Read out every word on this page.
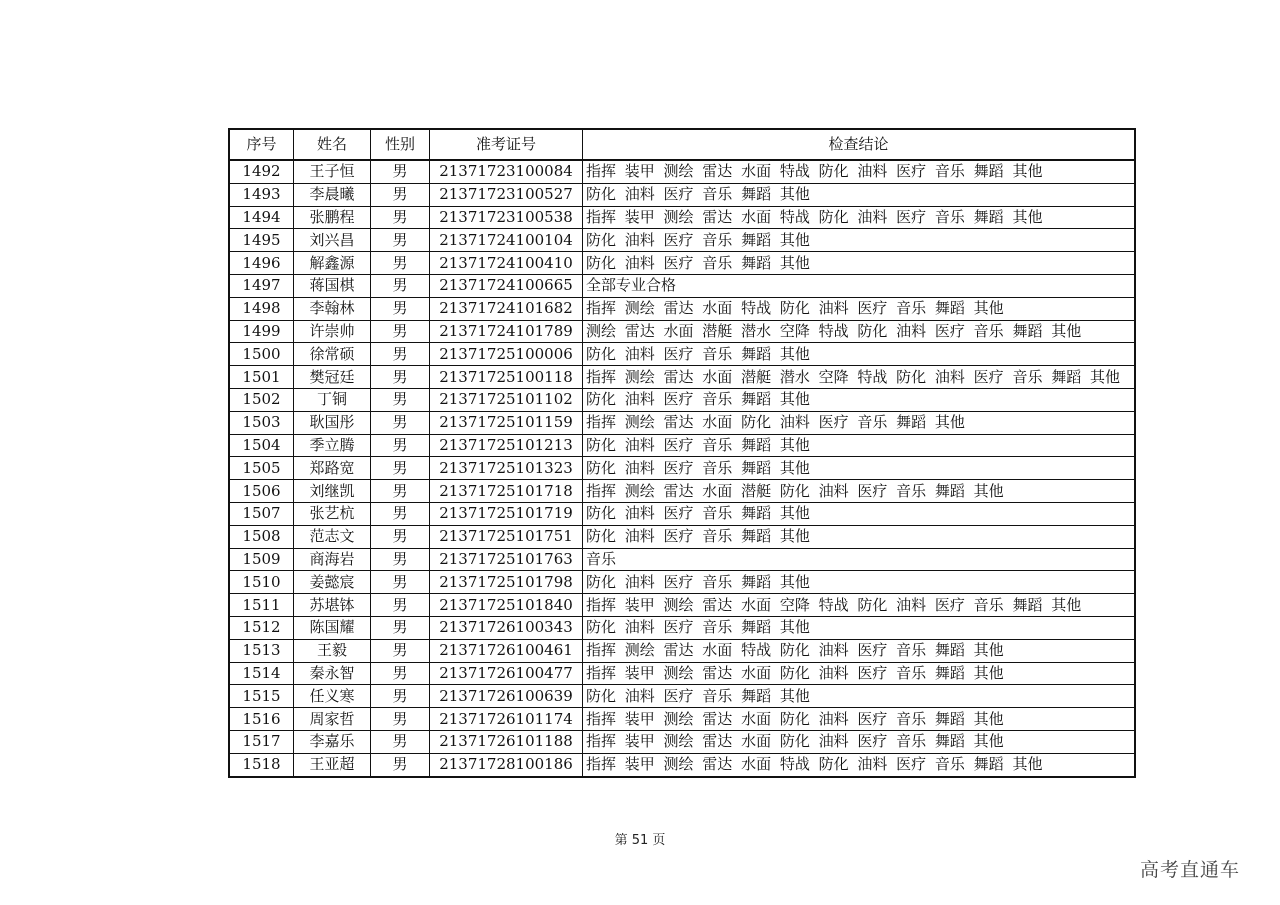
序号	姓名	性别	准考证号	检查结论
1492	王子恒	男	21371723100084	指挥 装甲 测绘 雷达 水面 特战 防化 油料 医疗 音乐 舞蹈 其他
1493	李晨曦	男	21371723100527	防化 油料 医疗 音乐 舞蹈 其他
1494	张鹏程	男	21371723100538	指挥 装甲 测绘 雷达 水面 特战 防化 油料 医疗 音乐 舞蹈 其他
1495	刘兴昌	男	21371724100104	防化 油料 医疗 音乐 舞蹈 其他
1496	解鑫源	男	21371724100410	防化 油料 医疗 音乐 舞蹈 其他
1497	蒋国棋	男	21371724100665	全部专业合格
1498	李翰林	男	21371724101682	指挥 测绘 雷达 水面 特战 防化 油料 医疗 音乐 舞蹈 其他
1499	许崇帅	男	21371724101789	测绘 雷达 水面 潜艇 潜水 空降 特战 防化 油料 医疗 音乐 舞蹈 其他
1500	徐常硕	男	21371725100006	防化 油料 医疗 音乐 舞蹈 其他
1501	樊冠廷	男	21371725100118	指挥 测绘 雷达 水面 潜艇 潜水 空降 特战 防化 油料 医疗 音乐 舞蹈 其他
1502	丁铜	男	21371725101102	防化 油料 医疗 音乐 舞蹈 其他
1503	耿国彤	男	21371725101159	指挥 测绘 雷达 水面 防化 油料 医疗 音乐 舞蹈 其他
1504	季立腾	男	21371725101213	防化 油料 医疗 音乐 舞蹈 其他
1505	郑路宽	男	21371725101323	防化 油料 医疗 音乐 舞蹈 其他
1506	刘继凯	男	21371725101718	指挥 测绘 雷达 水面 潜艇 防化 油料 医疗 音乐 舞蹈 其他
1507	张艺杭	男	21371725101719	防化 油料 医疗 音乐 舞蹈 其他
1508	范志文	男	21371725101751	防化 油料 医疗 音乐 舞蹈 其他
1509	商海岩	男	21371725101763	音乐
1510	姜懿宸	男	21371725101798	防化 油料 医疗 音乐 舞蹈 其他
1511	苏堪钵	男	21371725101840	指挥 装甲 测绘 雷达 水面 空降 特战 防化 油料 医疗 音乐 舞蹈 其他
1512	陈国耀	男	21371726100343	防化 油料 医疗 音乐 舞蹈 其他
1513	王毅	男	21371726100461	指挥 测绘 雷达 水面 特战 防化 油料 医疗 音乐 舞蹈 其他
1514	秦永智	男	21371726100477	指挥 装甲 测绘 雷达 水面 防化 油料 医疗 音乐 舞蹈 其他
1515	任义寒	男	21371726100639	防化 油料 医疗 音乐 舞蹈 其他
1516	周家哲	男	21371726101174	指挥 装甲 测绘 雷达 水面 防化 油料 医疗 音乐 舞蹈 其他
1517	李嘉乐	男	21371726101188	指挥 装甲 测绘 雷达 水面 防化 油料 医疗 音乐 舞蹈 其他
1518	王亚超	男	21371728100186	指挥 装甲 测绘 雷达 水面 特战 防化 油料 医疗 音乐 舞蹈 其他
第 51 页
高考直通车
